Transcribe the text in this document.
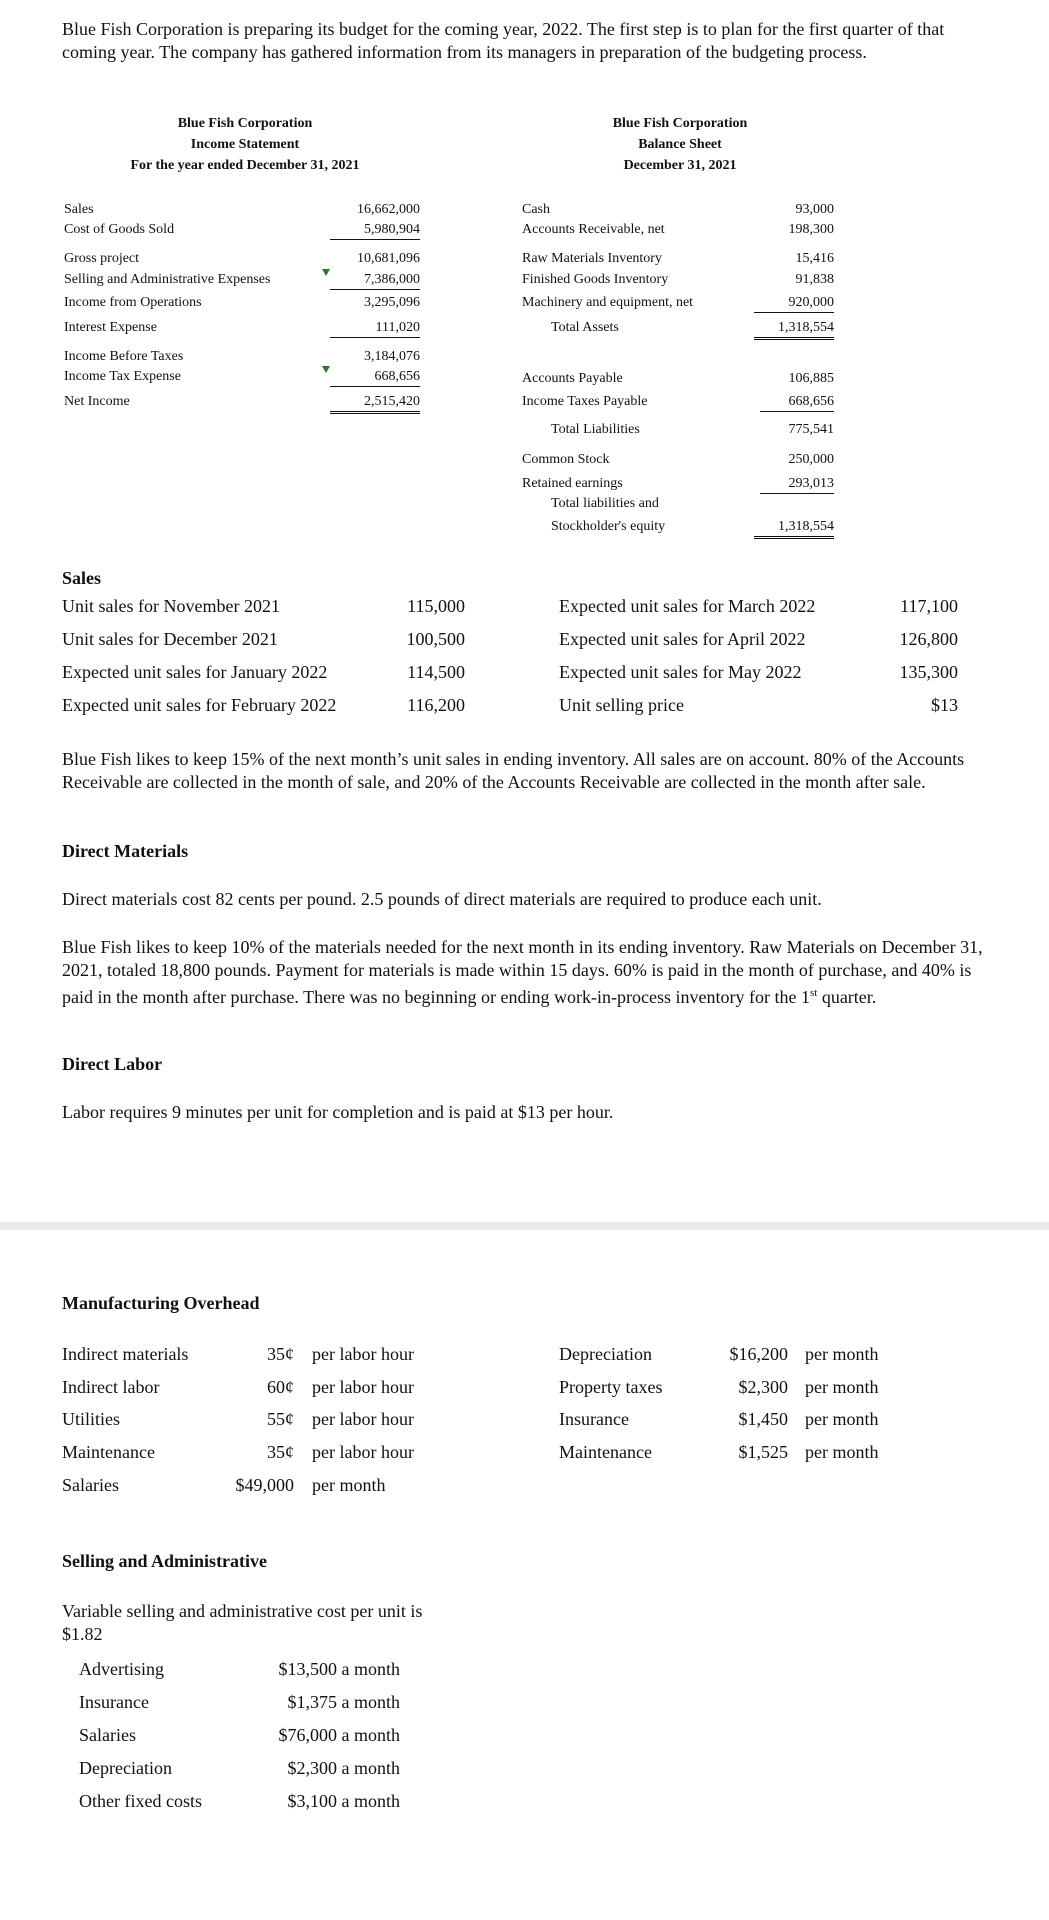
Blue Fish Corporation is preparing its budget for the coming year, 2022. The first step is to plan for the first quarter of that coming year. The company has gathered information from its managers in preparation of the budgeting process.
Blue Fish Corporation
Income Statement
For the year ended December 31, 2021
Blue Fish Corporation
Balance Sheet
December 31, 2021
Sales	16,662,000
Cost of Goods Sold	5,980,904
Gross project	10,681,096
Selling and Administrative Expenses	7,386,000
Income from Operations	3,295,096
Interest Expense	111,020
Income Before Taxes	3,184,076
Income Tax Expense	668,656
Net Income	2,515,420
Cash	93,000
Accounts Receivable, net	198,300
Raw Materials Inventory	15,416
Finished Goods Inventory	91,838
Machinery and equipment, net	920,000
Total Assets	1,318,554
Accounts Payable	106,885
Income Taxes Payable	668,656
Total Liabilities	775,541
Common Stock	250,000
Retained earnings	293,013
Total liabilities and
Stockholder's equity	1,318,554
Sales
Unit sales for November 2021	115,000
Unit sales for December 2021	100,500
Expected unit sales for January 2022	114,500
Expected unit sales for February 2022	116,200
Expected unit sales for March 2022	117,100
Expected unit sales for April 2022	126,800
Expected unit sales for May 2022	135,300
Unit selling price	$13
Blue Fish likes to keep 15% of the next month’s unit sales in ending inventory. All sales are on account. 80% of the Accounts Receivable are collected in the month of sale, and 20% of the Accounts Receivable are collected in the month after sale.
Direct Materials
Direct materials cost 82 cents per pound. 2.5 pounds of direct materials are required to produce each unit.
Blue Fish likes to keep 10% of the materials needed for the next month in its ending inventory. Raw Materials on December 31, 2021, totaled 18,800 pounds. Payment for materials is made within 15 days. 60% is paid in the month of purchase, and 40% is paid in the month after purchase. There was no beginning or ending work-in-process inventory for the 1st quarter.
Direct Labor
Labor requires 9 minutes per unit for completion and is paid at $13 per hour.
Manufacturing Overhead
Indirect materials	35¢ per labor hour
Indirect labor	60¢ per labor hour
Utilities	55¢ per labor hour
Maintenance	35¢ per labor hour
Salaries	$49,000 per month
Depreciation	$16,200 per month
Property taxes	$2,300 per month
Insurance	$1,450 per month
Maintenance	$1,525 per month
Selling and Administrative
Variable selling and administrative cost per unit is $1.82
Advertising	$13,500 a month
Insurance	$1,375 a month
Salaries	$76,000 a month
Depreciation	$2,300 a month
Other fixed costs	$3,100 a month
